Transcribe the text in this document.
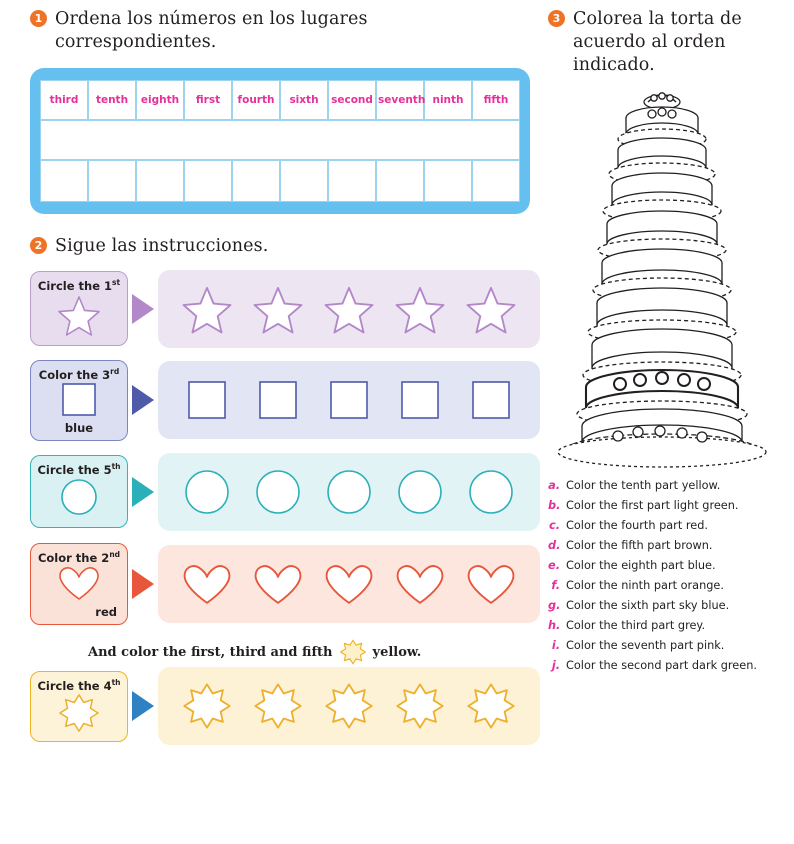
1 Ordena los números en los lugares correspondientes.
third	tenth	eighth	first	fourth	sixth	second	seventh	ninth	fifth

2 Sigue las instrucciones.
Circle the 1st
Color the 3rd
blue
Circle the 5th
Color the 2nd
red
And color the first, third and fifth	yellow.
Circle the 4th
3 Colorea la torta de acuerdo al orden indicado.
a. Color the tenth part yellow.
b. Color the first part light green.
c. Color the fourth part red.
d. Color the fifth part brown.
e. Color the eighth part blue.
f. Color the ninth part orange.
g. Color the sixth part sky blue.
h. Color the third part grey.
i. Color the seventh part pink.
j. Color the second part dark green.
